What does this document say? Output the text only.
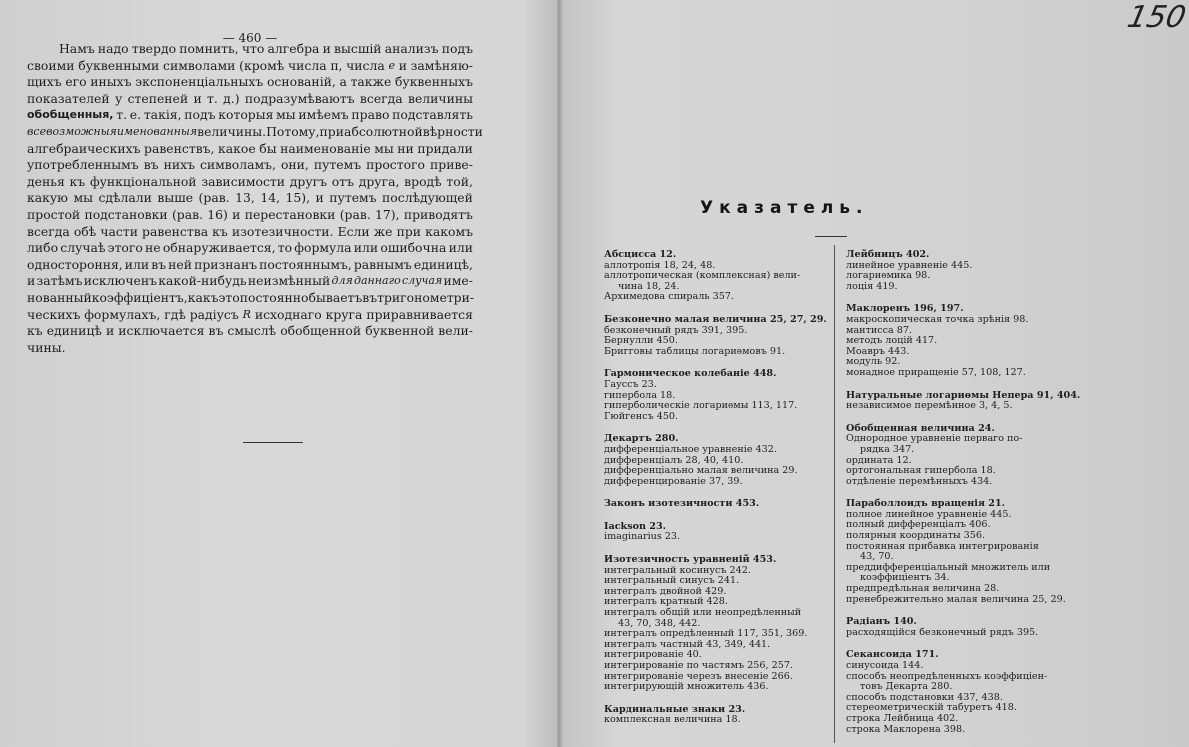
— 460 —
Намъ надо твердо помнить, что алгебра и высшій анализъ подъ
своими буквенными символами (кромѣ числа π, числа e и замѣняю-
щихъ его иныхъ экспоненціальныхъ основаній, а также буквенныхъ
показателей у степеней и т. д.) подразумѣваютъ всегда величины
обобщенныя, т. е. такія, подъ которыя мы имѣемъ право подставлять
всевозможныя именованныя величины. Потому, при абсолютной вѣрности
алгебраическихъ равенствъ, какое бы наименованіе мы ни придали
употребленнымъ въ нихъ символамъ, они, путемъ простого приве-
денья къ функціональной зависимости другъ отъ друга, вродѣ той,
какую мы сдѣлали выше (рав. 13, 14, 15), и путемъ послѣдующей
простой подстановки (рав. 16) и перестановки (рав. 17), приводятъ
всегда обѣ части равенства къ изотезичности. Если же при какомъ
либо случаѣ этого не обнаруживается, то формула или ошибочна или
одностороння, или въ ней признанъ постояннымъ, равнымъ единицѣ,
и затѣмъ исключенъ какой-нибудь неизмѣнный для даннаго случая име-
нованный коэффиціентъ, какъ это постоянно бываетъ въ тригонометри-
ческихъ формулахъ, гдѣ радіусъ R исходнаго круга приравнивается
къ единицѣ и исключается въ смыслѣ обобщенной буквенной вели-
чины.
150
Указатель.
Абсцисса 12.
аллотропія 18, 24, 48.
аллотропическая (комплексная) вели-
чина 18, 24.
Архимедова спираль 357.
Безконечно малая величина 25, 27, 29.
безконечный рядъ 391, 395.
Бернулли 450.
Бригговы таблицы логариѳмовъ 91.
Гармоническое колебаніе 448.
Гауссъ 23.
гипербола 18.
гиперболическіе логариѳмы 113, 117.
Гюйгенсъ 450.
Декартъ 280.
дифференціальное уравненіе 432.
дифференціалъ 28, 40, 410.
дифференціально малая величина 29.
дифференцированіе 37, 39.
Законъ изотезичности 453.
Iackson 23.
imaginarius 23.
Изотезичность уравненій 453.
интегральный косинусъ 242.
интегральный синусъ 241.
интегралъ двойной 429.
интегралъ кратный 428.
интегралъ общій или неопредѣленный
43, 70, 348, 442.
интегралъ опредѣленный 117, 351, 369.
интегралъ частный 43, 349, 441.
интегрированіе 40.
интегрированіе по частямъ 256, 257.
интегрированіе черезъ внесеніе 266.
интегрирующій множитель 436.
Кардинальные знаки 23.
комплексная величина 18.
Лейбницъ 402.
линейное уравненіе 445.
логариѳмика 98.
лоція 419.
Маклоренъ 196, 197.
макроскопическая точка зрѣнія 98.
мантисса 87.
методъ лоцій 417.
Моавръ 443.
модуль 92.
монадное приращеніе 57, 108, 127.
Натуральные логариѳмы Непера 91, 404.
независимое перемѣнное 3, 4, 5.
Обобщенная величина 24.
Однородное уравненіе перваго по-
рядка 347.
ордината 12.
ортогональная гипербола 18.
отдѣленіе перемѣнныхъ 434.
Параболлоидъ вращенія 21.
полное линейное уравненіе 445.
полный дифференціалъ 406.
полярныя координаты 356.
постоянная прибавка интегрированія
43, 70.
преддифференціальный множитель или
коэффиціентъ 34.
предпредѣльная величина 28.
пренебрежительно малая величина 25, 29.
Радіанъ 140.
расходящійся безконечный рядъ 395.
Секансоида 171.
синусоида 144.
способъ неопредѣленныхъ коэффиціен-
товъ Декарта 280.
способъ подстановки 437, 438.
стереометрическій табуретъ 418.
строка Лейбница 402.
строка Маклорена 398.
